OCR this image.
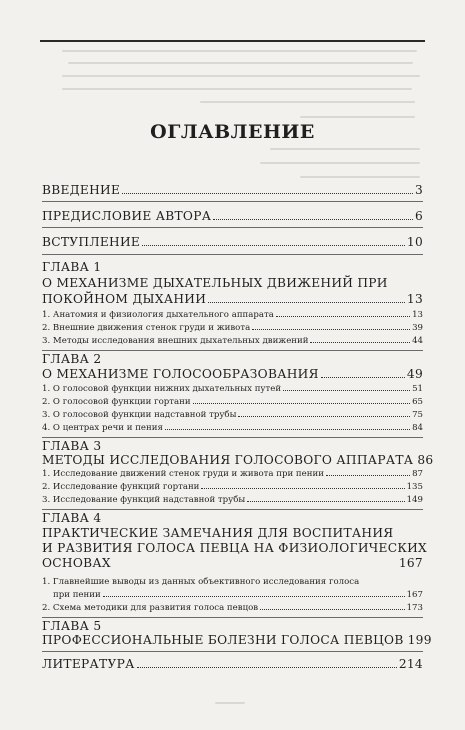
ОГЛАВЛЕНИЕ
ВВЕДЕНИЕ	3
ПРЕДИСЛОВИЕ АВТОРА	6
ВСТУПЛЕНИЕ	10
ГЛАВА 1
О МЕХАНИЗМЕ ДЫХАТЕЛЬНЫХ ДВИЖЕНИЙ ПРИ
ПОКОЙНОМ ДЫХАНИИ	13
1. Анатомия и физиология дыхательного аппарата	13
2. Внешние движения стенок груди и живота	39
3. Методы исследования внешних дыхательных движений	44
ГЛАВА 2
О МЕХАНИЗМЕ ГОЛОСООБРАЗОВАНИЯ	49
1. О голосовой функции нижних дыхательных путей	51
2. О голосовой функции гортани	65
3. О голосовой функции надставной трубы	75
4. О центрах речи и пения	84
ГЛАВА 3
МЕТОДЫ ИССЛЕДОВАНИЯ ГОЛОСОВОГО АППАРАТА 86
1. Исследование движений стенок груди и живота при пении	87
2. Исследование функций гортани	135
3. Исследование функций надставной трубы	149
ГЛАВА 4
ПРАКТИЧЕСКИЕ ЗАМЕЧАНИЯ ДЛЯ ВОСПИТАНИЯ
И РАЗВИТИЯ ГОЛОСА ПЕВЦА НА ФИЗИОЛОГИЧЕСКИХ
ОСНОВАХ	167
1. Главнейшие выводы из данных объективного исследования голоса
при пении	167
2. Схема методики для развития голоса певцов	173
ГЛАВА 5
ПРОФЕССИОНАЛЬНЫЕ БОЛЕЗНИ ГОЛОСА ПЕВЦОВ 199
ЛИТЕРАТУРА	214
